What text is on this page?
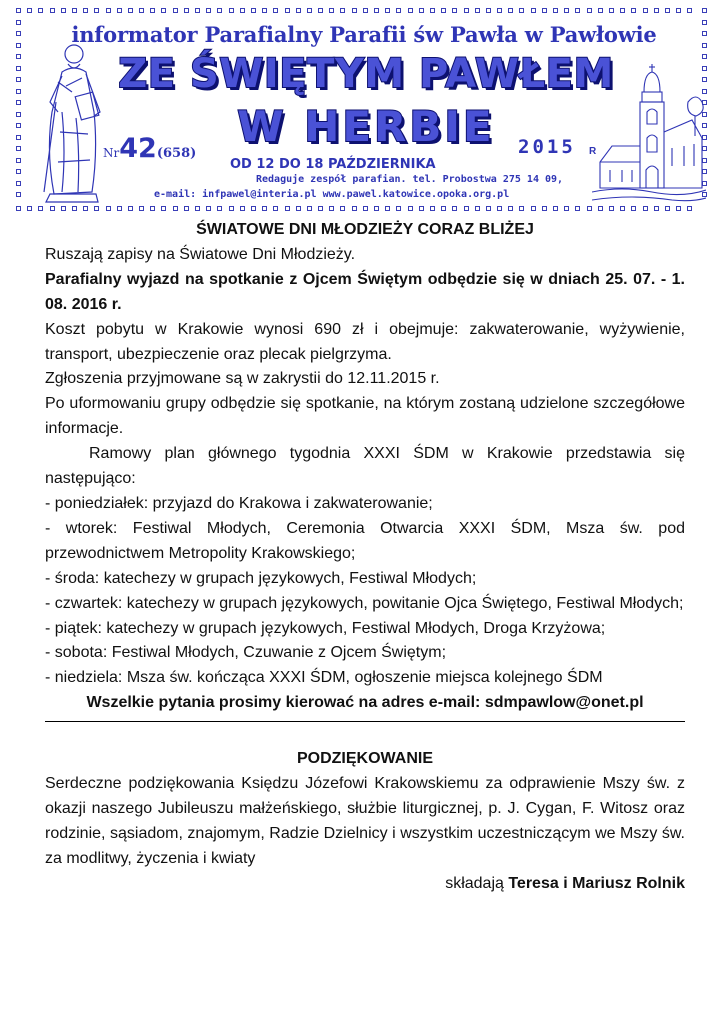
informator Parafialny Parafii św Pawła w Pawłowie
ZE ŚWIĘTYM PAWŁEM
W HERBIE
Nr42(658)
OD 12 DO 18 PAŹDZIERNIKA
2015 R
Redaguje zespół parafian. tel. Probostwa 275 14 09,
e-mail: infpawel@interia.pl www.pawel.katowice.opoka.org.pl

ŚWIATOWE DNI MŁODZIEŻY CORAZ BLIŻEJ

Ruszają zapisy na Światowe Dni Młodzieży.

Parafialny wyjazd na spotkanie z Ojcem Świętym odbędzie się w dniach 25. 07. - 1. 08. 2016 r.

Koszt pobytu w Krakowie wynosi 690 zł i obejmuje: zakwaterowanie, wyżywienie, transport, ubezpieczenie oraz plecak pielgrzyma.

Zgłoszenia przyjmowane są w zakrystii do 12.11.2015 r.

Po uformowaniu grupy odbędzie się spotkanie, na którym zostaną udzielone szczegółowe informacje.

Ramowy plan głównego tygodnia XXXI ŚDM w Krakowie przedstawia się następująco:

- poniedziałek: przyjazd do Krakowa i zakwaterowanie;

- wtorek: Festiwal Młodych, Ceremonia Otwarcia XXXI ŚDM, Msza św. pod przewodnictwem Metropolity Krakowskiego;

- środa: katechezy w grupach językowych, Festiwal Młodych;

- czwartek: katechezy w grupach językowych, powitanie Ojca Świętego, Festiwal Młodych;

- piątek: katechezy w grupach językowych, Festiwal Młodych, Droga Krzyżowa;

- sobota: Festiwal Młodych, Czuwanie z Ojcem Świętym;

- niedziela: Msza św. kończąca XXXI ŚDM, ogłoszenie miejsca kolejnego ŚDM

Wszelkie pytania prosimy kierować na adres e-mail: sdmpawlow@onet.pl

PODZIĘKOWANIE

Serdeczne podziękowania Księdzu Józefowi Krakowskiemu za odprawienie Mszy św. z okazji naszego Jubileuszu małżeńskiego, służbie liturgicznej, p. J. Cygan, F. Witosz oraz rodzinie, sąsiadom, znajomym, Radzie Dzielnicy i wszystkim uczestniczącym we Mszy św. za modlitwy, życzenia i kwiaty

składają Teresa i Mariusz Rolnik
